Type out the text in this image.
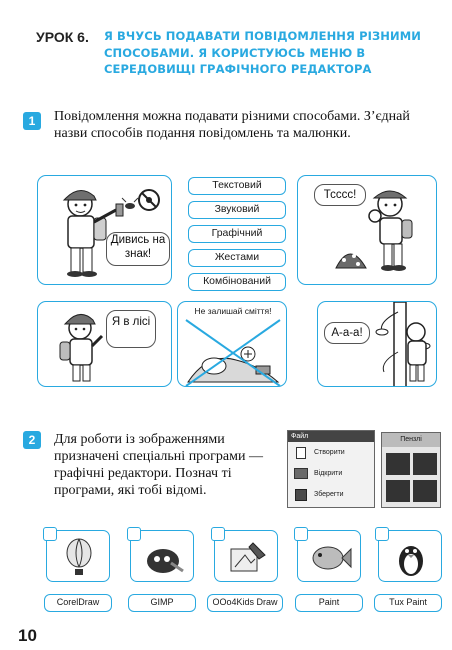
УРОК 6. Я ВЧУСЬ ПОДАВАТИ ПОВІДОМЛЕННЯ РІЗНИМИ СПОСОБАМИ. Я КОРИСТУЮСЬ МЕНЮ В СЕРЕДОВИЩІ ГРАФІЧНОГО РЕДАКТОРА
1	Повідомлення можна подавати різними способами. З’єднай назви способів подання повідомлень та малюнки.
Дивись на знак!
Текстовий
Звуковий
Графічний
Жестами
Комбінований
Тсссс!
Я в лісі
Не залишай сміття!
А-а-а!
2	Для роботи із зображеннями призначені спеціальні програми — графічні редактори. Познач ті програми, які тобі відомі.
Файл
Створити
Відкрити
Зберегти
Пензлі
CorelDraw	GIMP	OOo4Kids Draw	Paint	Tux Paint
10
